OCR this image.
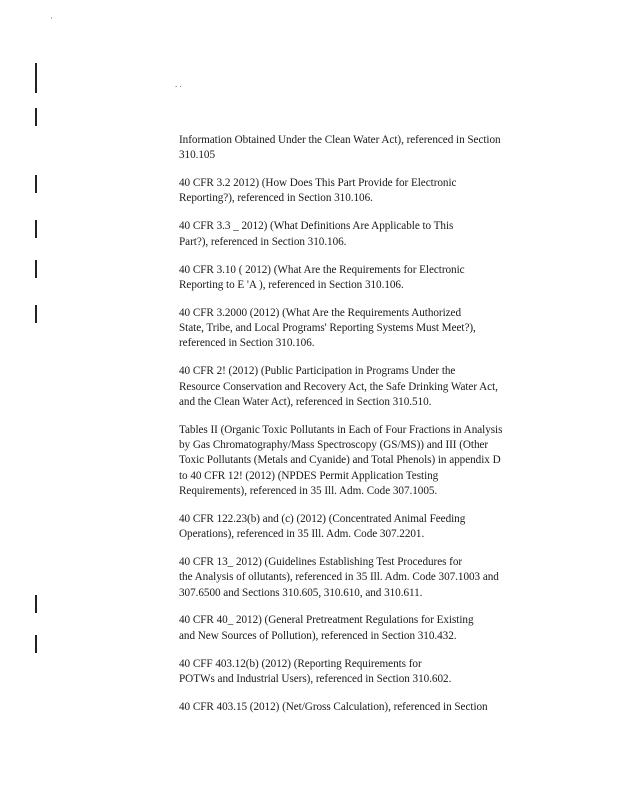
·
. .
Information Obtained Under the Clean Water Act), referenced in Section
310.105
40 CFR 3.2 2012) (How Does This Part Provide for Electronic
Reporting?), referenced in Section 310.106.
40 CFR 3.3 _ 2012) (What Definitions Are Applicable to This
Part?), referenced in Section 310.106.
40 CFR 3.10 ( 2012) (What Are the Requirements for Electronic
Reporting to E 'A ), referenced in Section 310.106.
40 CFR 3.2000 (2012) (What Are the Requirements Authorized
State, Tribe, and Local Programs' Reporting Systems Must Meet?),
referenced in Section 310.106.
40 CFR 2! (2012) (Public Participation in Programs Under the
Resource Conservation and Recovery Act, the Safe Drinking Water Act,
and the Clean Water Act), referenced in Section 310.510.
Tables II (Organic Toxic Pollutants in Each of Four Fractions in Analysis
by Gas Chromatography/Mass Spectroscopy (GS/MS)) and III (Other
Toxic Pollutants (Metals and Cyanide) and Total Phenols) in appendix D
to 40 CFR 12! (2012) (NPDES Permit Application Testing
Requirements), referenced in 35 Ill. Adm. Code 307.1005.
40 CFR 122.23(b) and (c) (2012) (Concentrated Animal Feeding
Operations), referenced in 35 Ill. Adm. Code 307.2201.
40 CFR 13_ 2012) (Guidelines Establishing Test Procedures for
the Analysis of ollutants), referenced in 35 Ill. Adm. Code 307.1003 and
307.6500 and Sections 310.605, 310.610, and 310.611.
40 CFR 40_ 2012) (General Pretreatment Regulations for Existing
and New Sources of Pollution), referenced in Section 310.432.
40 CFF 403.12(b) (2012) (Reporting Requirements for
POTWs and Industrial Users), referenced in Section 310.602.
40 CFR 403.15 (2012) (Net/Gross Calculation), referenced in Section
